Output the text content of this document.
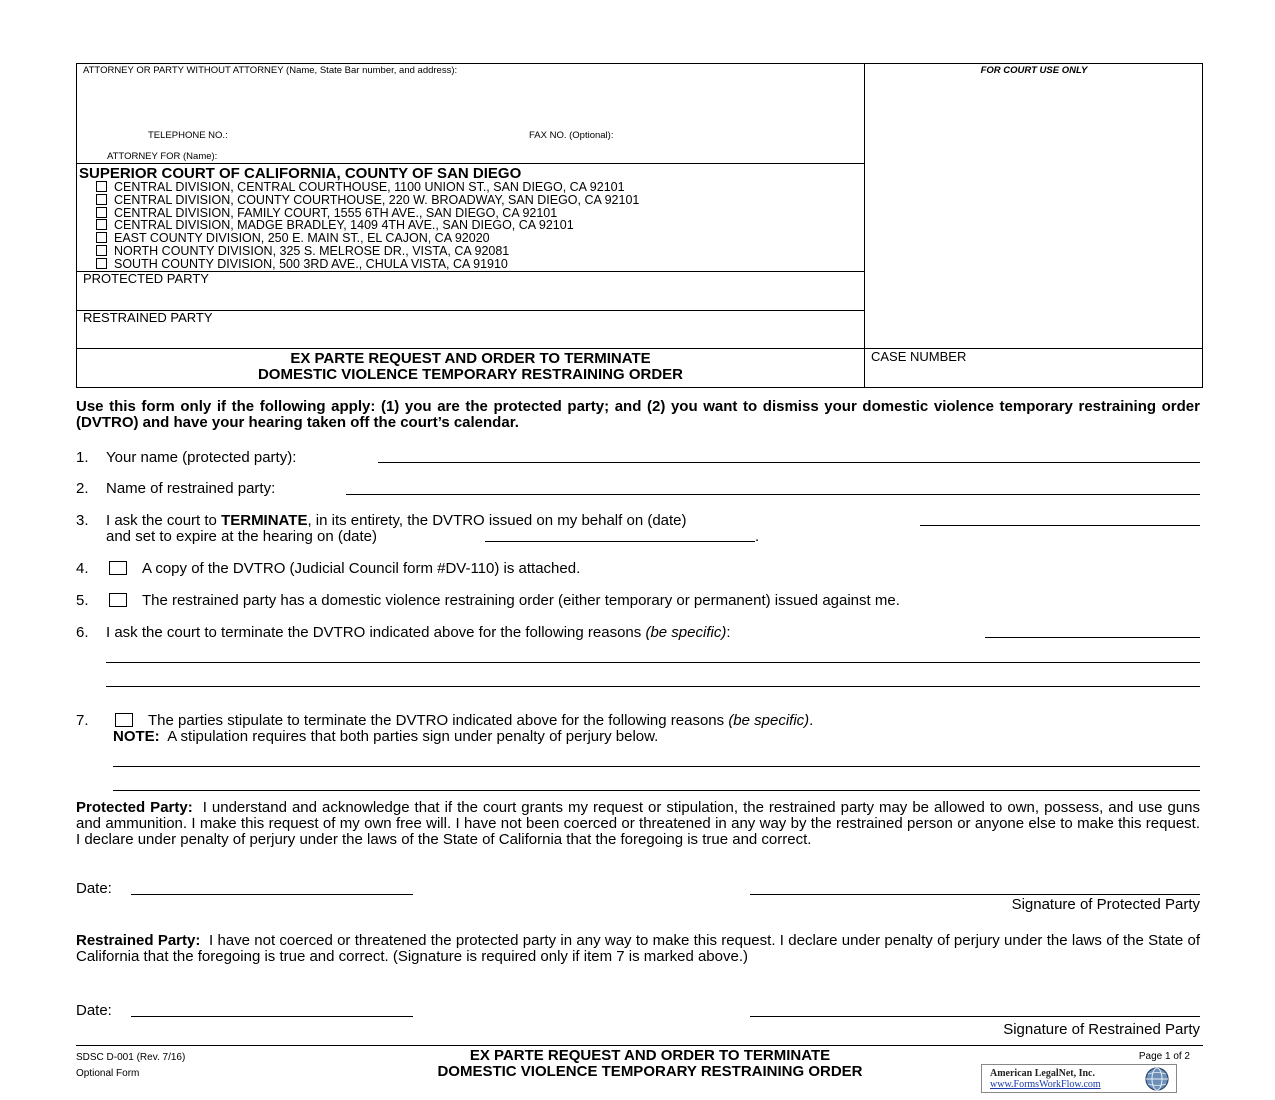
ATTORNEY OR PARTY WITHOUT ATTORNEY (Name, State Bar number, and address):
TELEPHONE NO.:	FAX NO. (Optional):
ATTORNEY FOR (Name):
FOR COURT USE ONLY
SUPERIOR COURT OF CALIFORNIA, COUNTY OF SAN DIEGO
CENTRAL DIVISION, CENTRAL COURTHOUSE, 1100 UNION ST., SAN DIEGO, CA 92101
CENTRAL DIVISION, COUNTY COURTHOUSE, 220 W. BROADWAY, SAN DIEGO, CA 92101
CENTRAL DIVISION, FAMILY COURT, 1555 6TH AVE., SAN DIEGO, CA 92101
CENTRAL DIVISION, MADGE BRADLEY, 1409 4TH AVE., SAN DIEGO, CA 92101
EAST COUNTY DIVISION, 250 E. MAIN ST., EL CAJON, CA 92020
NORTH COUNTY DIVISION, 325 S. MELROSE DR., VISTA, CA 92081
SOUTH COUNTY DIVISION, 500 3RD AVE., CHULA VISTA, CA 91910
PROTECTED PARTY
RESTRAINED PARTY
EX PARTE REQUEST AND ORDER TO TERMINATE
DOMESTIC VIOLENCE TEMPORARY RESTRAINING ORDER
CASE NUMBER
Use this form only if the following apply: (1) you are the protected party; and (2) you want to dismiss your domestic violence temporary restraining order (DVTRO) and have your hearing taken off the court’s calendar.
1. Your name (protected party):
2. Name of restrained party:
3. I ask the court to TERMINATE, in its entirety, the DVTRO issued on my behalf on (date)
and set to expire at the hearing on (date)	.
4.	A copy of the DVTRO (Judicial Council form #DV-110) is attached.
5.	The restrained party has a domestic violence restraining order (either temporary or permanent) issued against me.
6. I ask the court to terminate the DVTRO indicated above for the following reasons (be specific):
7.	The parties stipulate to terminate the DVTRO indicated above for the following reasons (be specific).
NOTE: A stipulation requires that both parties sign under penalty of perjury below.
Protected Party: I understand and acknowledge that if the court grants my request or stipulation, the restrained party may be allowed to own, possess, and use guns and ammunition. I make this request of my own free will. I have not been coerced or threatened in any way by the restrained person or anyone else to make this request. I declare under penalty of perjury under the laws of the State of California that the foregoing is true and correct.
Date:
Signature of Protected Party
Restrained Party: I have not coerced or threatened the protected party in any way to make this request. I declare under penalty of perjury under the laws of the State of California that the foregoing is true and correct. (Signature is required only if item 7 is marked above.)
Date:
Signature of Restrained Party
SDSC D-001 (Rev. 7/16)
Optional Form
EX PARTE REQUEST AND ORDER TO TERMINATE
DOMESTIC VIOLENCE TEMPORARY RESTRAINING ORDER
Page 1 of 2
American LegalNet, Inc.
www.FormsWorkFlow.com
